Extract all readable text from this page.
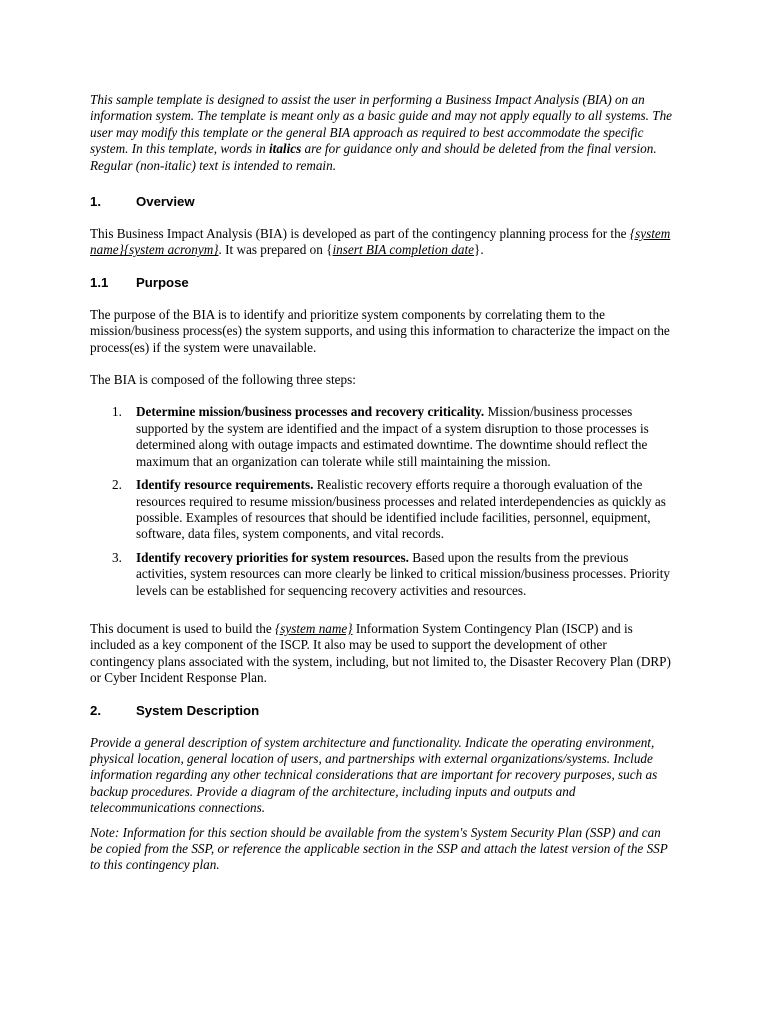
This sample template is designed to assist the user in performing a Business Impact Analysis (BIA) on an information system. The template is meant only as a basic guide and may not apply equally to all systems. The user may modify this template or the general BIA approach as required to best accommodate the specific system. In this template, words in italics are for guidance only and should be deleted from the final version. Regular (non-italic) text is intended to remain.

1.	Overview

This Business Impact Analysis (BIA) is developed as part of the contingency planning process for the {system name}{system acronym}. It was prepared on {insert BIA completion date}.

1.1	Purpose

The purpose of the BIA is to identify and prioritize system components by correlating them to the mission/business process(es) the system supports, and using this information to characterize the impact on the process(es) if the system were unavailable.

The BIA is composed of the following three steps:

1.	Determine mission/business processes and recovery criticality. Mission/business processes supported by the system are identified and the impact of a system disruption to those processes is determined along with outage impacts and estimated downtime. The downtime should reflect the maximum that an organization can tolerate while still maintaining the mission.

2.	Identify resource requirements. Realistic recovery efforts require a thorough evaluation of the resources required to resume mission/business processes and related interdependencies as quickly as possible. Examples of resources that should be identified include facilities, personnel, equipment, software, data files, system components, and vital records.

3.	Identify recovery priorities for system resources. Based upon the results from the previous activities, system resources can more clearly be linked to critical mission/business processes. Priority levels can be established for sequencing recovery activities and resources.

This document is used to build the {system name} Information System Contingency Plan (ISCP) and is included as a key component of the ISCP. It also may be used to support the development of other contingency plans associated with the system, including, but not limited to, the Disaster Recovery Plan (DRP) or Cyber Incident Response Plan.

2.	System Description

Provide a general description of system architecture and functionality. Indicate the operating environment, physical location, general location of users, and partnerships with external organizations/systems. Include information regarding any other technical considerations that are important for recovery purposes, such as backup procedures. Provide a diagram of the architecture, including inputs and outputs and telecommunications connections.

Note: Information for this section should be available from the system's System Security Plan (SSP) and can be copied from the SSP, or reference the applicable section in the SSP and attach the latest version of the SSP to this contingency plan.
